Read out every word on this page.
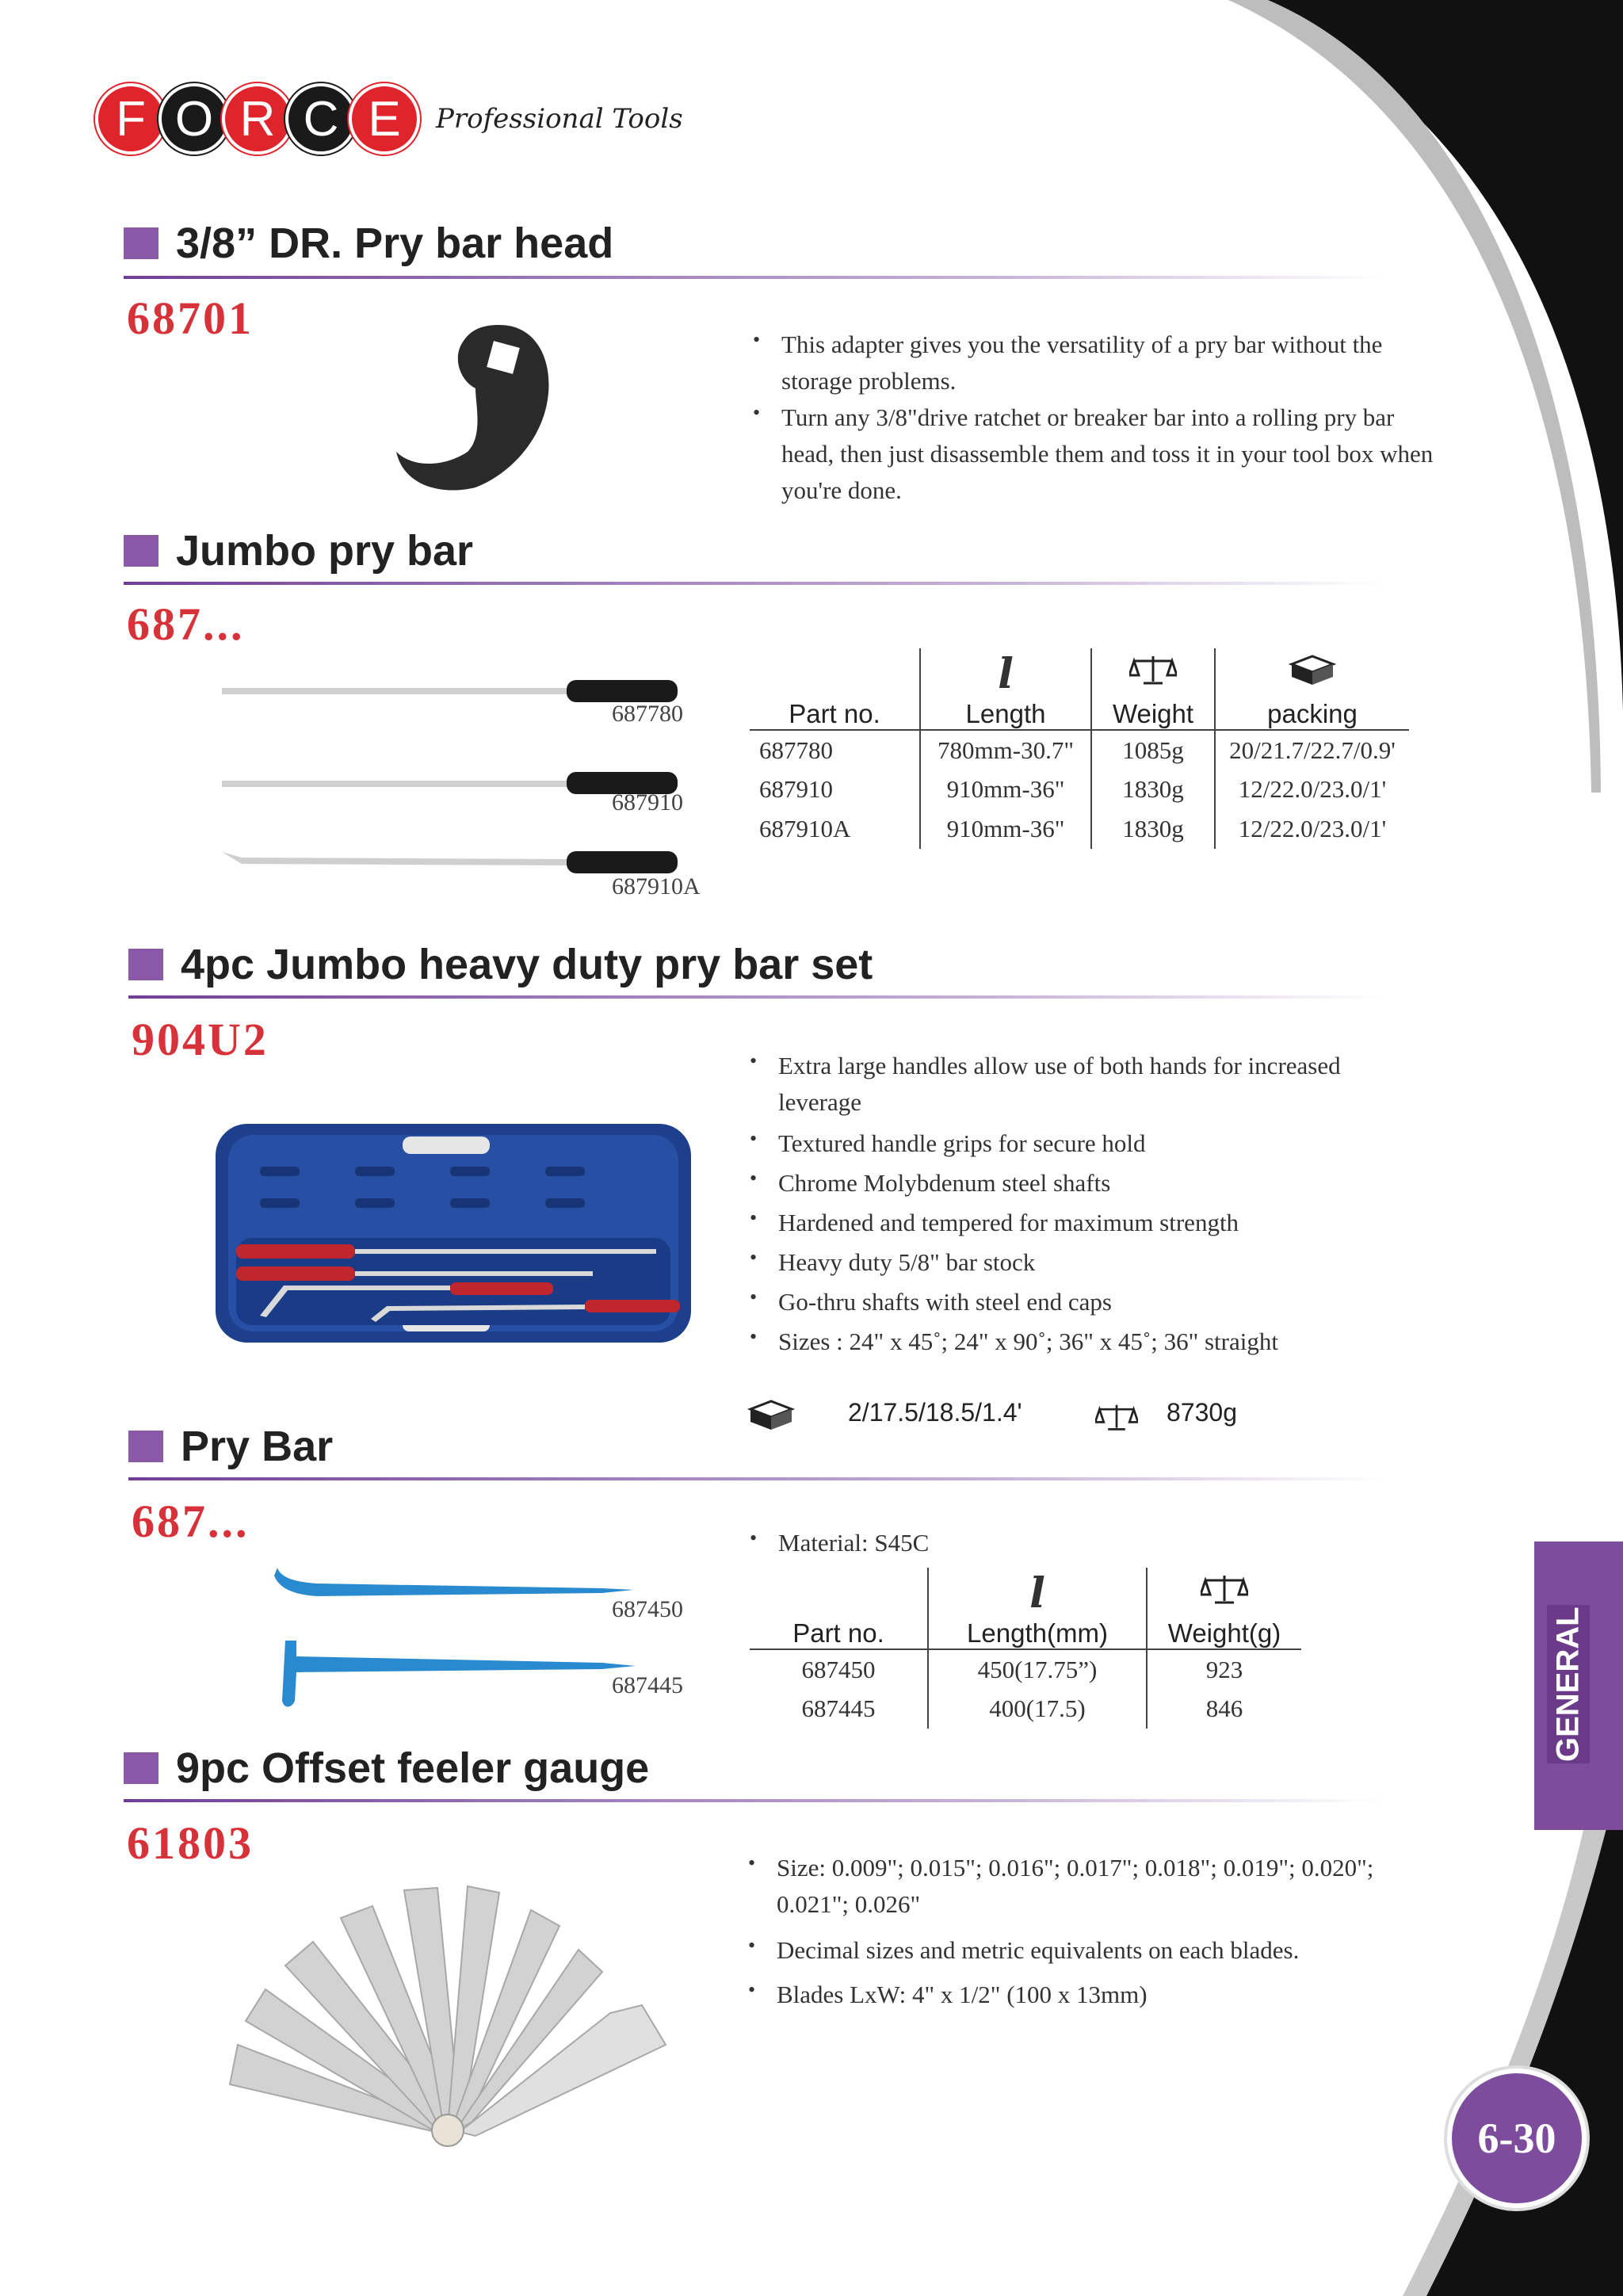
F O R C E	Professional Tools
3/8” DR. Pry bar head
68701
• This adapter gives you the versatility of a pry bar without the storage problems.
• Turn any 3/8"drive ratchet or breaker bar into a rolling pry bar head, then just disassemble them and toss it in your tool box when you're done.
Jumbo pry bar
687...
687780
687910
687910A
	l		
Part no.	Length	Weight	packing
687780	780mm-30.7"	1085g	20/21.7/22.7/0.9'
687910	910mm-36"	1830g	12/22.0/23.0/1'
687910A	910mm-36"	1830g	12/22.0/23.0/1'
4pc Jumbo heavy duty pry bar set
904U2
• Extra large handles allow use of both hands for increased leverage
• Textured handle grips for secure hold
• Chrome Molybdenum steel shafts
• Hardened and tempered for maximum strength
• Heavy duty 5/8" bar stock
• Go-thru shafts with steel end caps
• Sizes : 24" x 45˚; 24" x 90˚; 36" x 45˚; 36" straight
2/17.5/18.5/1.4'	8730g
Pry Bar
687...
687450
687445
• Material: S45C
	l	
Part no.	Length(mm)	Weight(g)
687450	450(17.75”)	923
687445	400(17.5)	846
9pc Offset feeler gauge
61803	• Size: 0.009"; 0.015"; 0.016"; 0.017"; 0.018"; 0.019"; 0.020"; 0.021"; 0.026"
• Decimal sizes and metric equivalents on each blades.
• Blades LxW: 4" x 1/2" (100 x 13mm)
GENERAL
6-30
